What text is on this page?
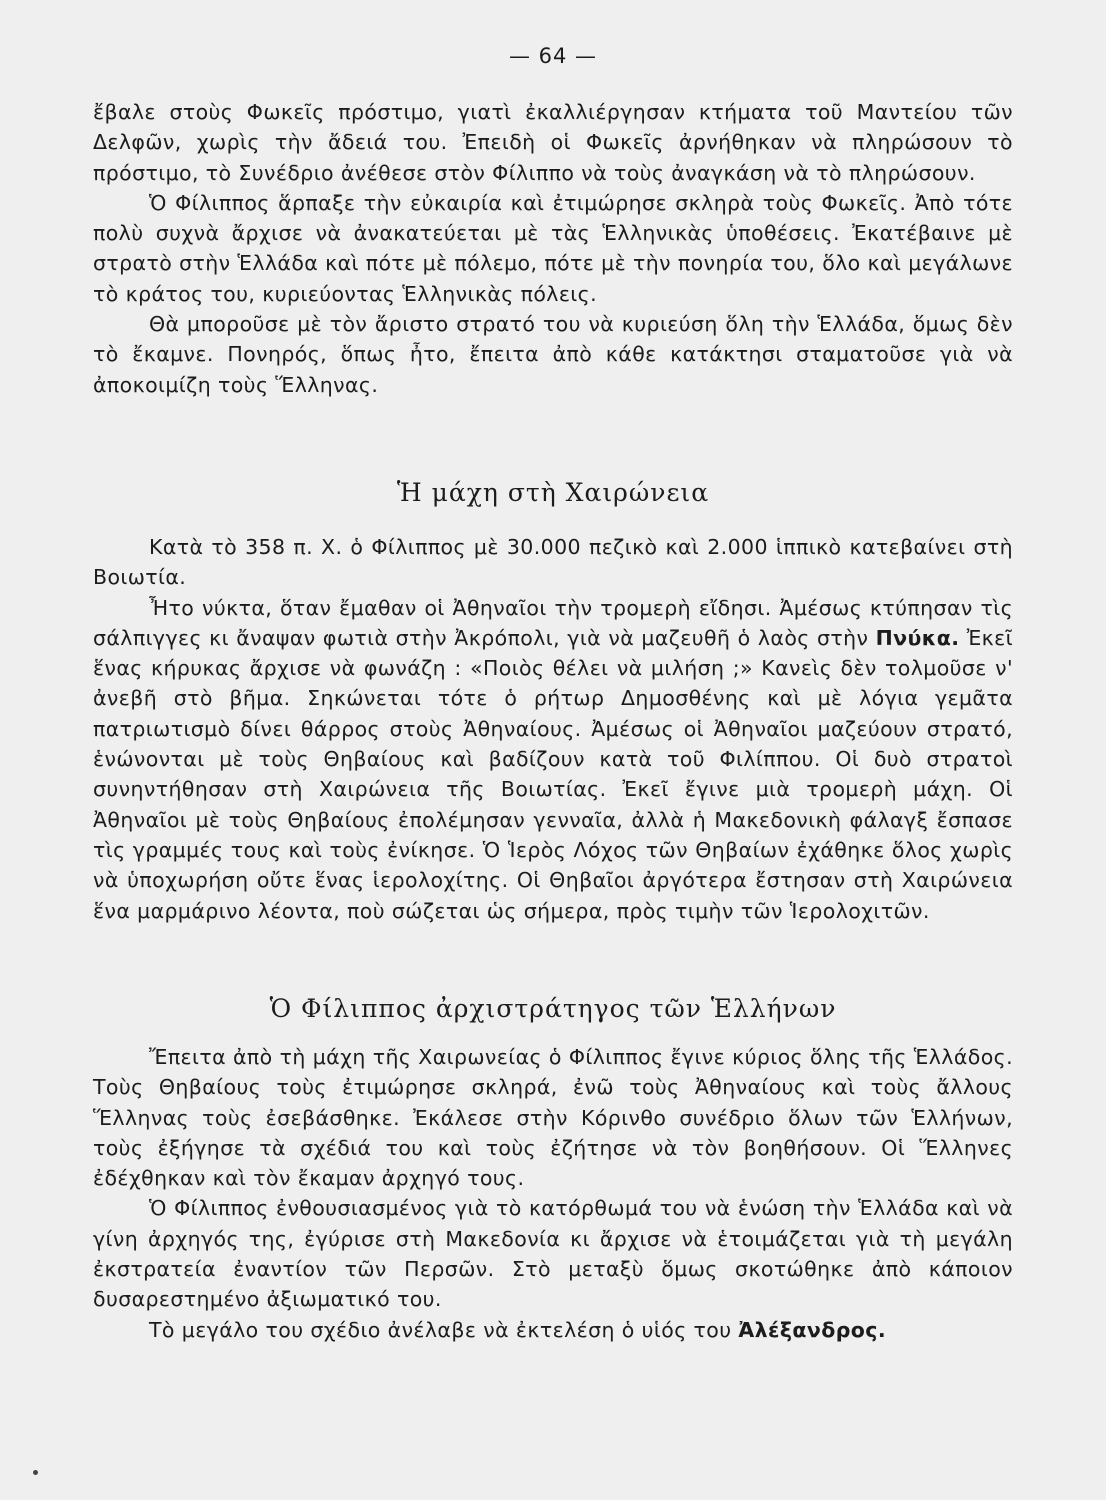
— 64 —

ἔβαλε στοὺς Φωκεῖς πρόστιμο, γιατὶ ἐκαλλιέργησαν κτήματα τοῦ Μαντείου τῶν Δελφῶν, χωρὶς τὴν ἄδειά του. Ἐπειδὴ οἱ Φωκεῖς ἀρνήθηκαν νὰ πληρώσουν τὸ πρόστιμο, τὸ Συνέδριο ἀνέθεσε στὸν Φίλιππο νὰ τοὺς ἀναγκάση νὰ τὸ πληρώσουν.

Ὁ Φίλιππος ἅρπαξε τὴν εὐκαιρία καὶ ἐτιμώρησε σκληρὰ τοὺς Φωκεῖς. Ἀπὸ τότε πολὺ συχνὰ ἄρχισε νὰ ἀνακατεύεται μὲ τὰς Ἑλληνικὰς ὑποθέσεις. Ἐκατέβαινε μὲ στρατὸ στὴν Ἑλλάδα καὶ πότε μὲ πόλεμο, πότε μὲ τὴν πονηρία του, ὅλο καὶ μεγάλωνε τὸ κράτος του, κυριεύοντας Ἑλληνικὰς πόλεις.

Θὰ μποροῦσε μὲ τὸν ἄριστο στρατό του νὰ κυριεύση ὅλη τὴν Ἑλλάδα, ὅμως δὲν τὸ ἔκαμνε. Πονηρός, ὅπως ἦτο, ἔπειτα ἀπὸ κάθε κατάκτησι σταματοῦσε γιὰ νὰ ἀποκοιμίζη τοὺς Ἕλληνας.

Ἡ μάχη στὴ Χαιρώνεια

Κατὰ τὸ 358 π. Χ. ὁ Φίλιππος μὲ 30.000 πεζικὸ καὶ 2.000 ἱππικὸ κατεβαίνει στὴ Βοιωτία.

Ἦτο νύκτα, ὅταν ἔμαθαν οἱ Ἀθηναῖοι τὴν τρομερὴ εἴδησι. Ἀμέσως κτύπησαν τὶς σάλπιγγες κι ἄναψαν φωτιὰ στὴν Ἀκρόπολι, γιὰ νὰ μαζευθῆ ὁ λαὸς στὴν Πνύκα. Ἐκεῖ ἕνας κήρυκας ἄρχισε νὰ φωνάζη : «Ποιὸς θέλει νὰ μιλήση ;» Κανεὶς δὲν τολμοῦσε ν' ἀνεβῆ στὸ βῆμα. Σηκώνεται τότε ὁ ρήτωρ Δημοσθένης καὶ μὲ λόγια γεμᾶτα πατριωτισμὸ δίνει θάρρος στοὺς Ἀθηναίους. Ἀμέσως οἱ Ἀθηναῖοι μαζεύουν στρατό, ἑνώνονται μὲ τοὺς Θηβαίους καὶ βαδίζουν κατὰ τοῦ Φιλίππου. Οἱ δυὸ στρατοὶ συνηντήθησαν στὴ Χαιρώνεια τῆς Βοιωτίας. Ἐκεῖ ἔγινε μιὰ τρομερὴ μάχη. Οἱ Ἀθηναῖοι μὲ τοὺς Θηβαίους ἐπολέμησαν γενναῖα, ἀλλὰ ἡ Μακεδονικὴ φάλαγξ ἔσπασε τὶς γραμμές τους καὶ τοὺς ἐνίκησε. Ὁ Ἱερὸς Λόχος τῶν Θηβαίων ἐχάθηκε ὅλος χωρὶς νὰ ὑποχωρήση οὔτε ἕνας ἱερολοχίτης. Οἱ Θηβαῖοι ἀργότερα ἔστησαν στὴ Χαιρώνεια ἕνα μαρμάρινο λέοντα, ποὺ σώζεται ὡς σήμερα, πρὸς τιμὴν τῶν Ἱερολοχιτῶν.

Ὁ Φίλιππος ἀρχιστράτηγος τῶν Ἑλλήνων

Ἔπειτα ἀπὸ τὴ μάχη τῆς Χαιρωνείας ὁ Φίλιππος ἔγινε κύριος ὅλης τῆς Ἑλλάδος. Τοὺς Θηβαίους τοὺς ἐτιμώρησε σκληρά, ἐνῶ τοὺς Ἀθηναίους καὶ τοὺς ἄλλους Ἕλληνας τοὺς ἐσεβάσθηκε. Ἐκάλεσε στὴν Κόρινθο συνέδριο ὅλων τῶν Ἑλλήνων, τοὺς ἐξήγησε τὰ σχέδιά του καὶ τοὺς ἐζήτησε νὰ τὸν βοηθήσουν. Οἱ Ἕλληνες ἐδέχθηκαν καὶ τὸν ἔκαμαν ἀρχηγό τους.

Ὁ Φίλιππος ἐνθουσιασμένος γιὰ τὸ κατόρθωμά του νὰ ἑνώση τὴν Ἑλλάδα καὶ νὰ γίνη ἀρχηγός της, ἐγύρισε στὴ Μακεδονία κι ἄρχισε νὰ ἑτοιμάζεται γιὰ τὴ μεγάλη ἐκστρατεία ἐναντίον τῶν Περσῶν. Στὸ μεταξὺ ὅμως σκοτώθηκε ἀπὸ κάποιον δυσαρεστημένο ἀξιωματικό του.

Τὸ μεγάλο του σχέδιο ἀνέλαβε νὰ ἐκτελέση ὁ υἱός του Ἀλέξανδρος.
